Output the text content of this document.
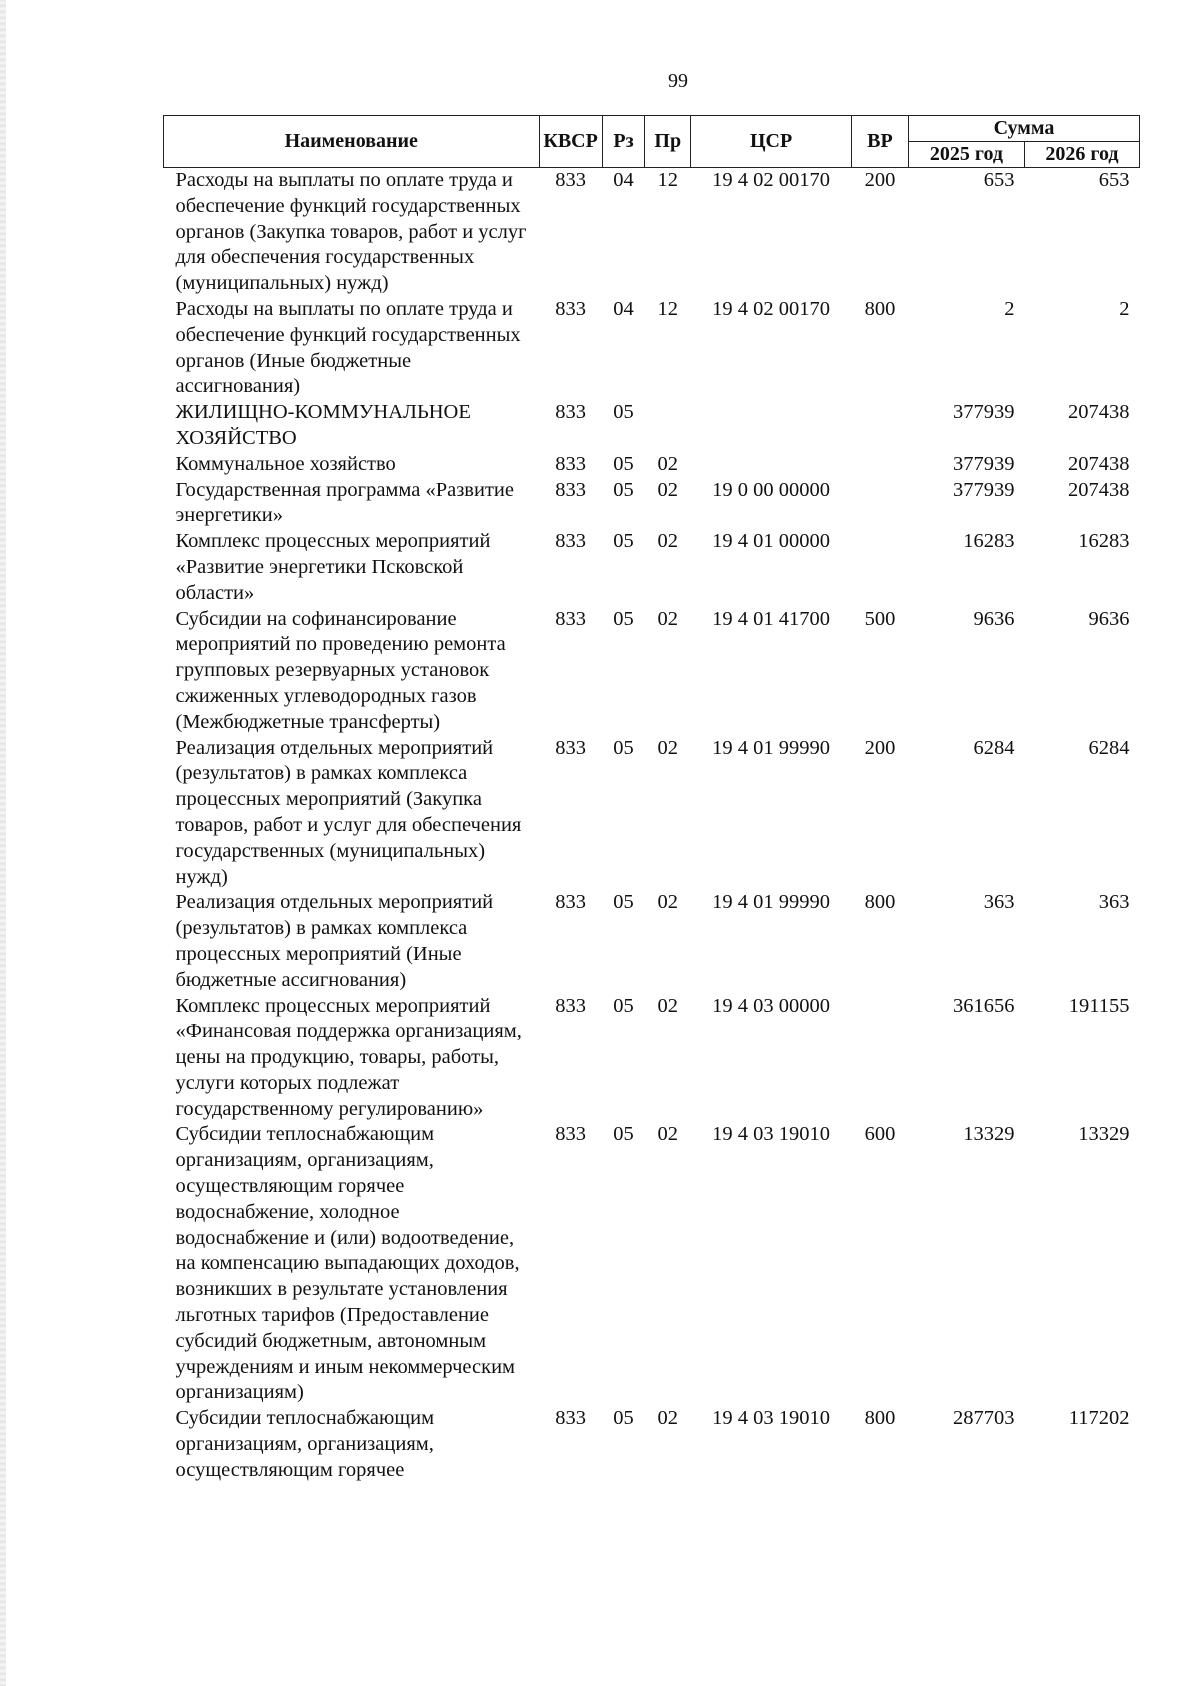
99
Наименование	КВСР	Рз	Пр	ЦСР	ВР	Сумма	
						2025 год	2026 год
Расходы на выплаты по оплате труда и обеспечение функций государственных органов (Закупка товаров, работ и услуг для обеспечения государственных (муниципальных) нужд)	833	04	12	19 4 02 00170	200	653	653
Расходы на выплаты по оплате труда и обеспечение функций государственных органов (Иные бюджетные ассигнования)	833	04	12	19 4 02 00170	800	2	2
ЖИЛИЩНО-КОММУНАЛЬНОЕ ХОЗЯЙСТВО	833	05				377939	207438
Коммунальное хозяйство	833	05	02			377939	207438
Государственная программа «Развитие энергетики»	833	05	02	19 0 00 00000		377939	207438
Комплекс процессных мероприятий «Развитие энергетики Псковской области»	833	05	02	19 4 01 00000		16283	16283
Субсидии на софинансирование мероприятий по проведению ремонта групповых резервуарных установок сжиженных углеводородных газов (Межбюджетные трансферты)	833	05	02	19 4 01 41700	500	9636	9636
Реализация отдельных мероприятий (результатов) в рамках комплекса процессных мероприятий (Закупка товаров, работ и услуг для обеспечения государственных (муниципальных) нужд)	833	05	02	19 4 01 99990	200	6284	6284
Реализация отдельных мероприятий (результатов) в рамках комплекса процессных мероприятий (Иные бюджетные ассигнования)	833	05	02	19 4 01 99990	800	363	363
Комплекс процессных мероприятий «Финансовая поддержка организациям, цены на продукцию, товары, работы, услуги которых подлежат государственному регулированию»	833	05	02	19 4 03 00000		361656	191155
Субсидии теплоснабжающим организациям, организациям, осуществляющим горячее водоснабжение, холодное водоснабжение и (или) водоотведение, на компенсацию выпадающих доходов, возникших в результате установления льготных тарифов (Предоставление субсидий бюджетным, автономным учреждениям и иным некоммерческим организациям)	833	05	02	19 4 03 19010	600	13329	13329
Субсидии теплоснабжающим организациям, организациям, осуществляющим горячее	833	05	02	19 4 03 19010	800	287703	117202
